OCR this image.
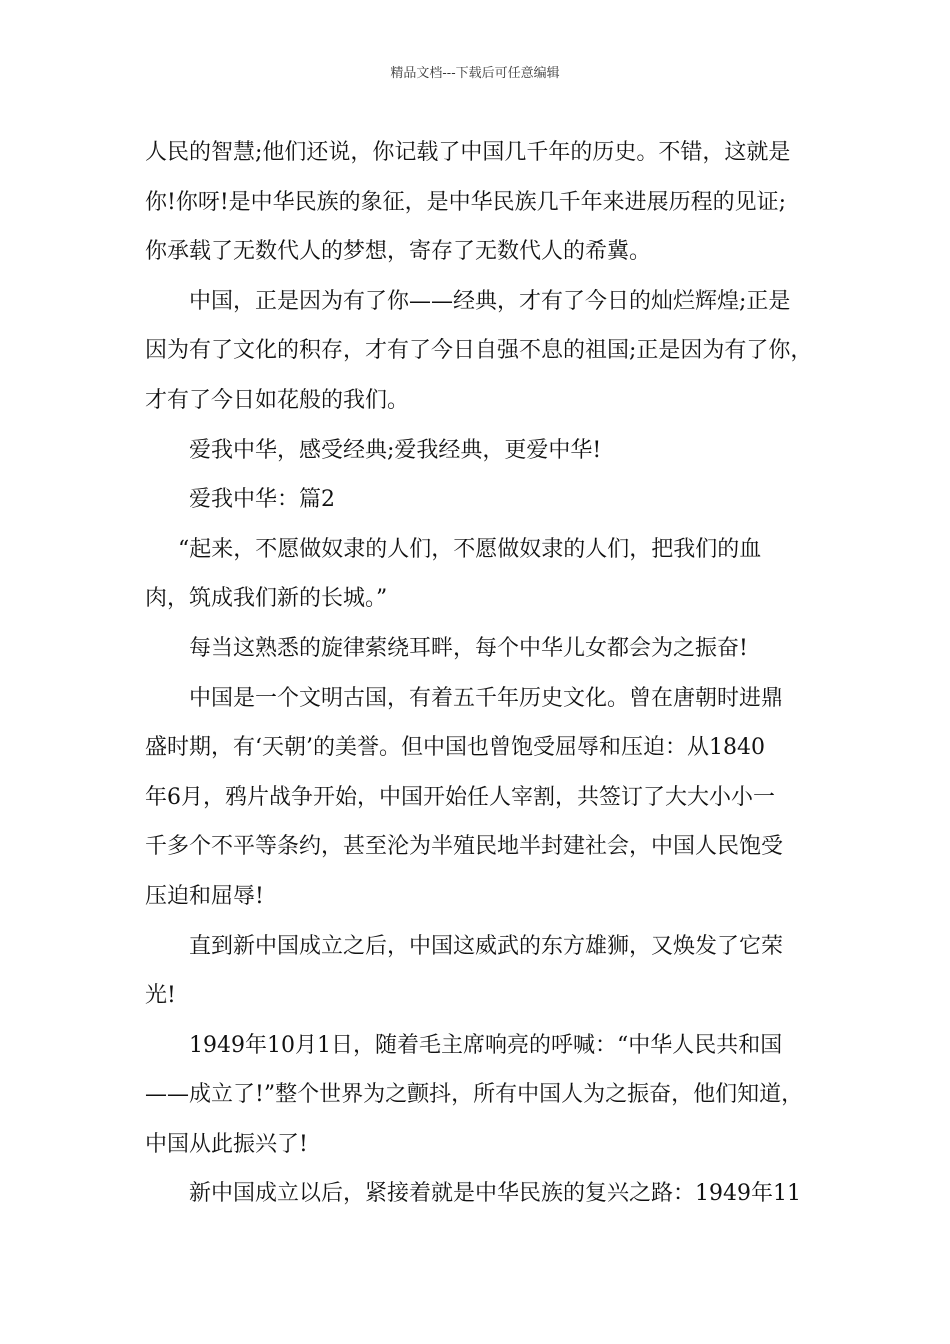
精品文档---下载后可任意编辑
人民的智慧;他们还说，你记载了中国几千年的历史。不错，这就是
你!你呀!是中华民族的象征，是中华民族几千年来进展历程的见证;
你承载了无数代人的梦想，寄存了无数代人的希冀。
中国，正是因为有了你——经典，才有了今日的灿烂辉煌;正是
因为有了文化的积存，才有了今日自强不息的祖国;正是因为有了你，
才有了今日如花般的我们。
爱我中华，感受经典;爱我经典，更爱中华!
爱我中华：篇2
“起来，不愿做奴隶的人们，不愿做奴隶的人们，把我们的血
肉，筑成我们新的长城。”
每当这熟悉的旋律萦绕耳畔，每个中华儿女都会为之振奋!
中国是一个文明古国，有着五千年历史文化。曾在唐朝时进鼎
盛时期，有‘天朝’的美誉。但中国也曾饱受屈辱和压迫：从1840
年6月，鸦片战争开始，中国开始任人宰割，共签订了大大小小一
千多个不平等条约，甚至沦为半殖民地半封建社会，中国人民饱受
压迫和屈辱!
直到新中国成立之后，中国这威武的东方雄狮，又焕发了它荣
光!
1949年10月1日，随着毛主席响亮的呼喊：“中华人民共和国
——成立了!”整个世界为之颤抖，所有中国人为之振奋，他们知道，
中国从此振兴了!
新中国成立以后，紧接着就是中华民族的复兴之路：1949年11
